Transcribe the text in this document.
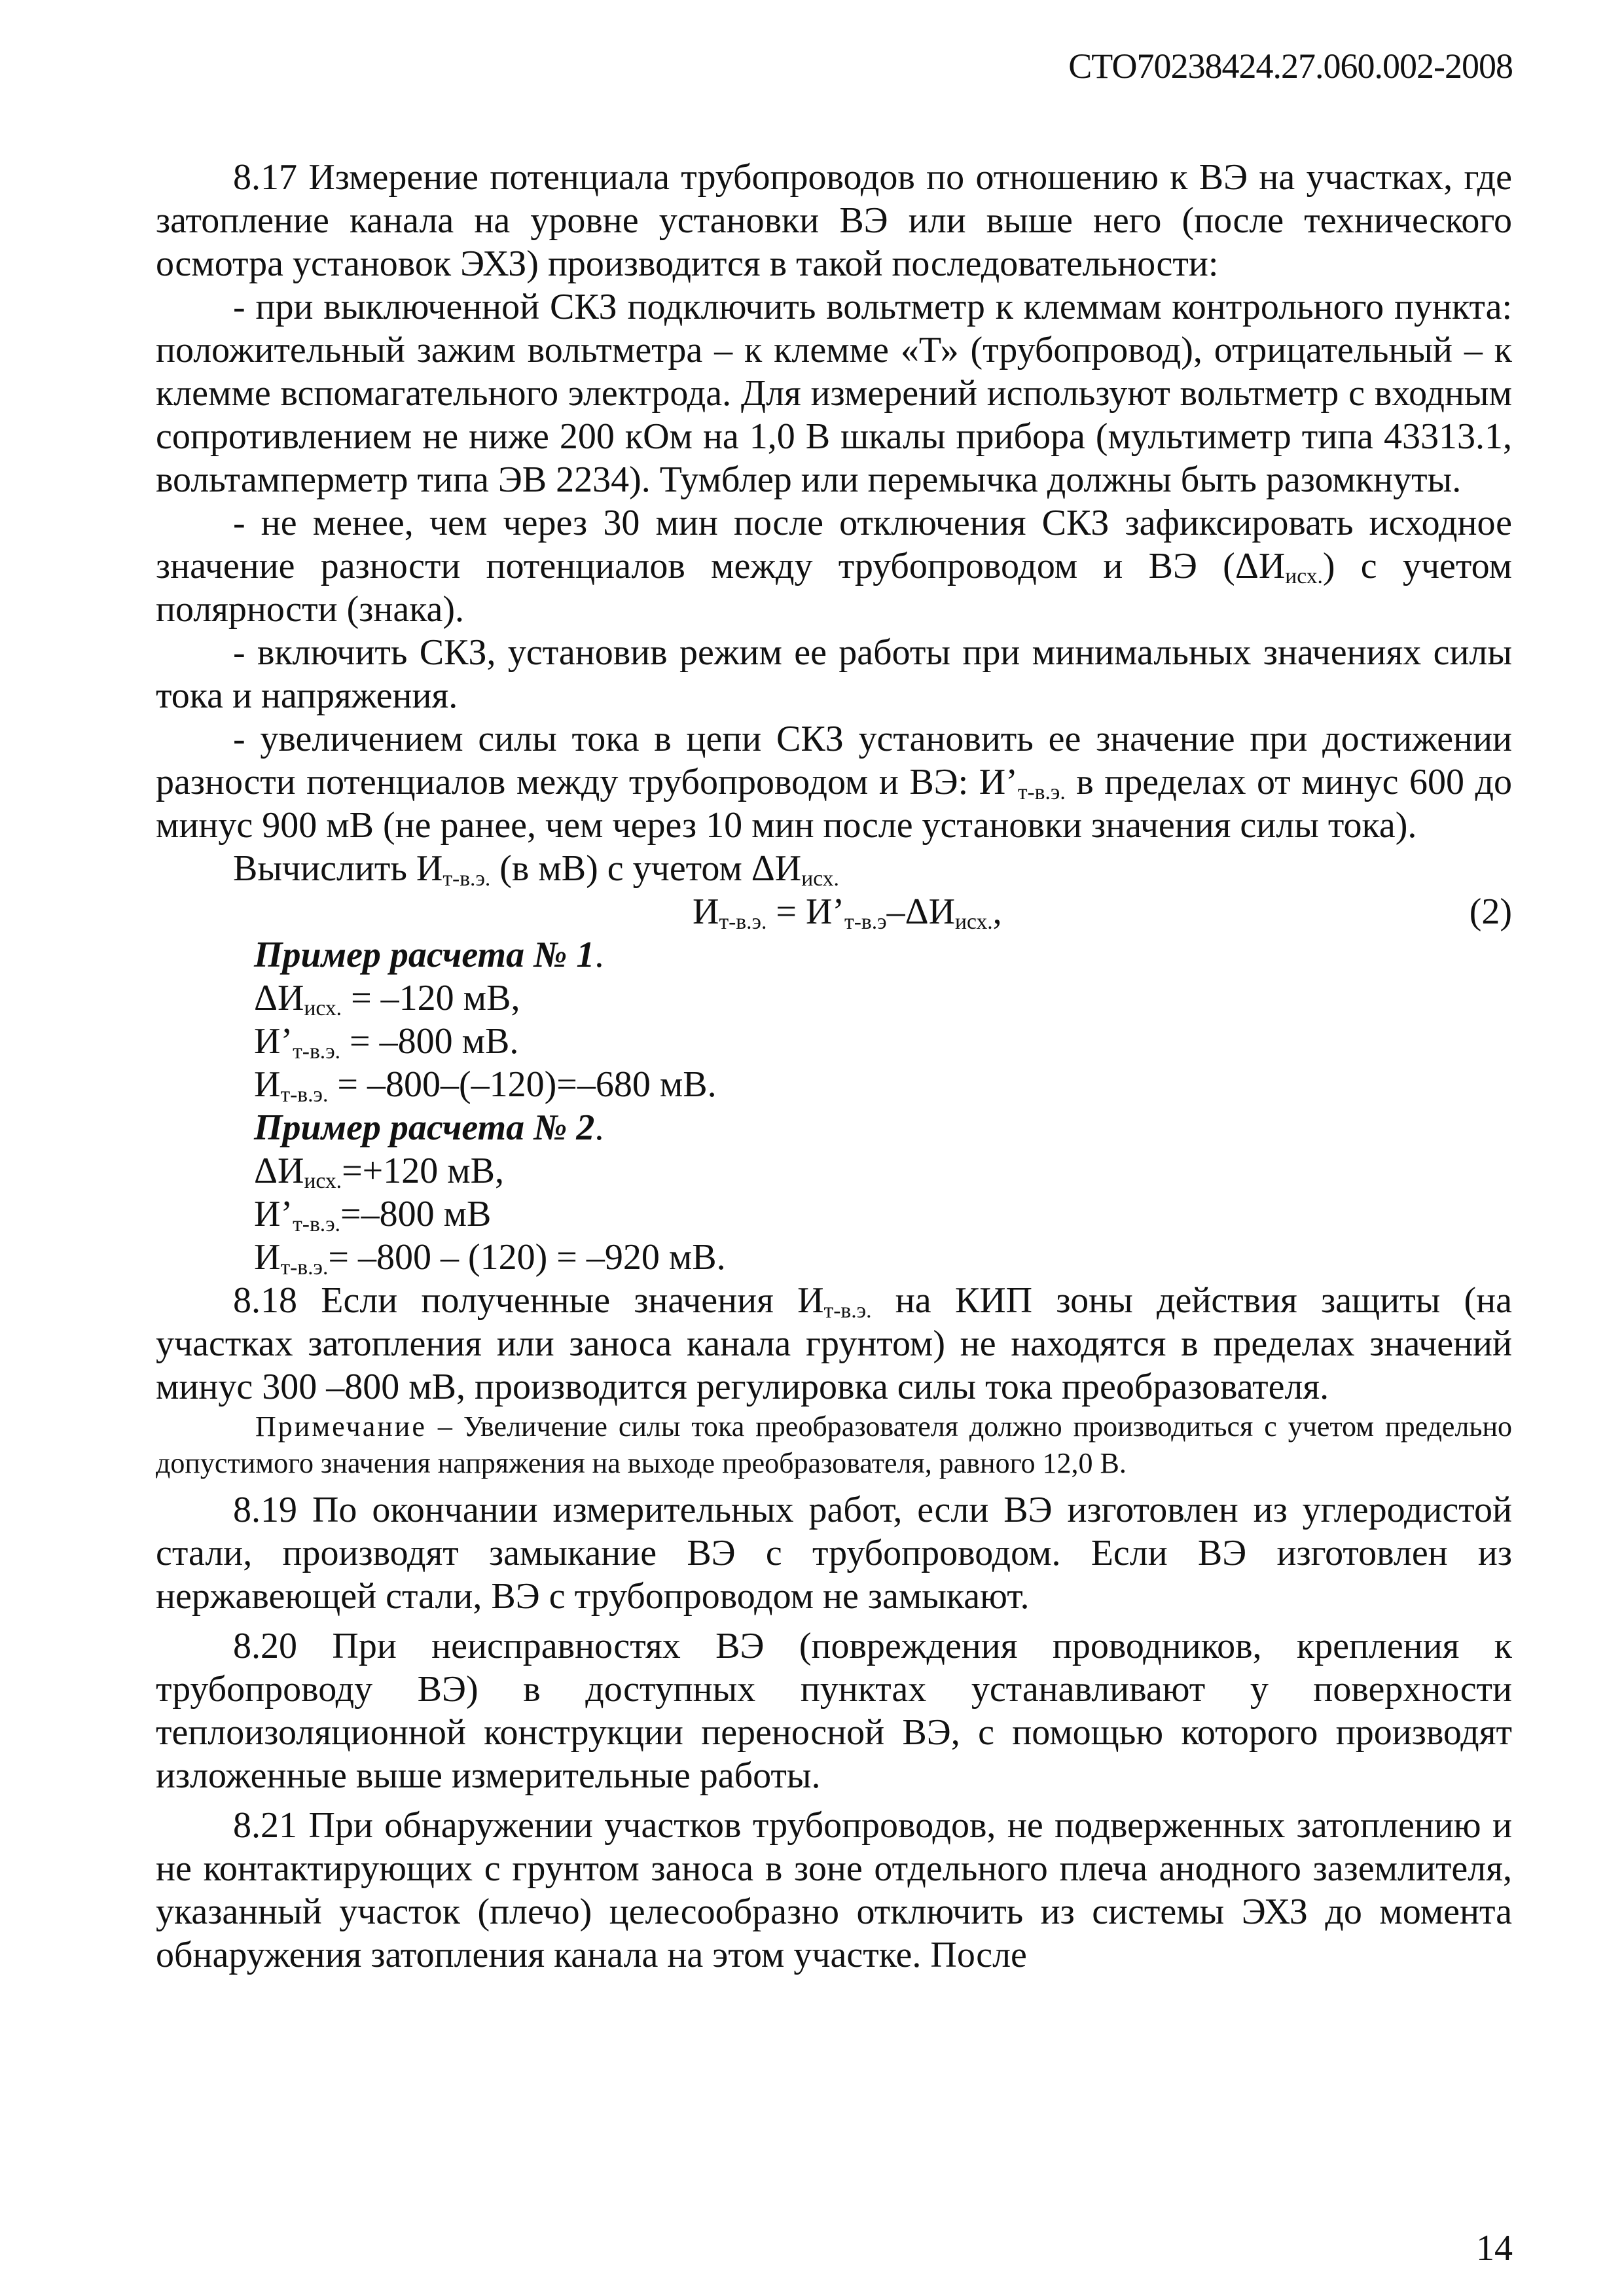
СТО70238424.27.060.002-2008

8.17 Измерение потенциала трубопроводов по отношению к ВЭ на участках, где затопление канала на уровне установки ВЭ или выше него (после технического осмотра установок ЭХЗ) производится в такой последовательности:

- при выключенной СКЗ подключить вольтметр к клеммам контрольного пункта: положительный зажим вольтметра – к клемме «Т» (трубопровод), отрицательный – к клемме вспомагательного электрода. Для измерений используют вольтметр с входным сопротивлением не ниже 200 кОм на 1,0 В шкалы прибора (мультиметр типа 43313.1, вольтамперметр типа ЭВ 2234). Тумблер или перемычка должны быть разомкнуты.

- не менее, чем через 30 мин после отключения СКЗ зафиксировать исходное значение разности потенциалов между трубопроводом и ВЭ $(\Delta И_{исх.})$ с учетом полярности (знака).

- включить СКЗ, установив режим ее работы при минимальных значениях силы тока и напряжения.

- увеличением силы тока в цепи СКЗ установить ее значение при достижении разности потенциалов между трубопроводом и ВЭ: $И’_{т-в.э.}$ в пределах от минус 600 до минус 900 мВ (не ранее, чем через 10 мин после установки значения силы тока).

Вычислить $И_{т-в.э.}$ (в мВ) с учетом $\Delta И_{исх.}$

$И_{т-в.э.}$ = $И’_{т-в.э}-\Delta И_{исх.}$,	(2)

Пример расчета № 1.

$\Delta И_{исх.} = -120$ мВ,

$И’_{т-в.э.} = -800$ мВ.

$И_{т-в.э.} = -800-(-120)=-680$ мВ.

Пример расчета № 2.

$\Delta И_{исх.}=+120$ мВ,

$И’_{т-в.э.}=-800$ мВ

$И_{т-в.э.}= -800 - (120) = -920$ мВ.

8.18 Если полученные значения $И_{т-в.э.}$ на КИП зоны действия защиты (на участках затопления или заноса канала грунтом) не находятся в пределах значений минус 300 –800 мВ, производится регулировка силы тока преобразователя.

Примечание – Увеличение силы тока преобразователя должно производиться с учетом предельно допустимого значения напряжения на выходе преобразователя, равного 12,0 В.

8.19 По окончании измерительных работ, если ВЭ изготовлен из углеродистой стали, производят замыкание ВЭ с трубопроводом. Если ВЭ изготовлен из нержавеющей стали, ВЭ с трубопроводом не замыкают.

8.20 При неисправностях ВЭ (повреждения проводников, крепления к трубопроводу ВЭ) в доступных пунктах устанавливают у поверхности теплоизоляционной конструкции переносной ВЭ, с помощью которого производят изложенные выше измерительные работы.

8.21 При обнаружении участков трубопроводов, не подверженных затоплению и не контактирующих с грунтом заноса в зоне отдельного плеча анодного заземлителя, указанный участок (плечо) целесообразно отключить из системы ЭХЗ до момента обнаружения затопления канала на этом участке. После

14
